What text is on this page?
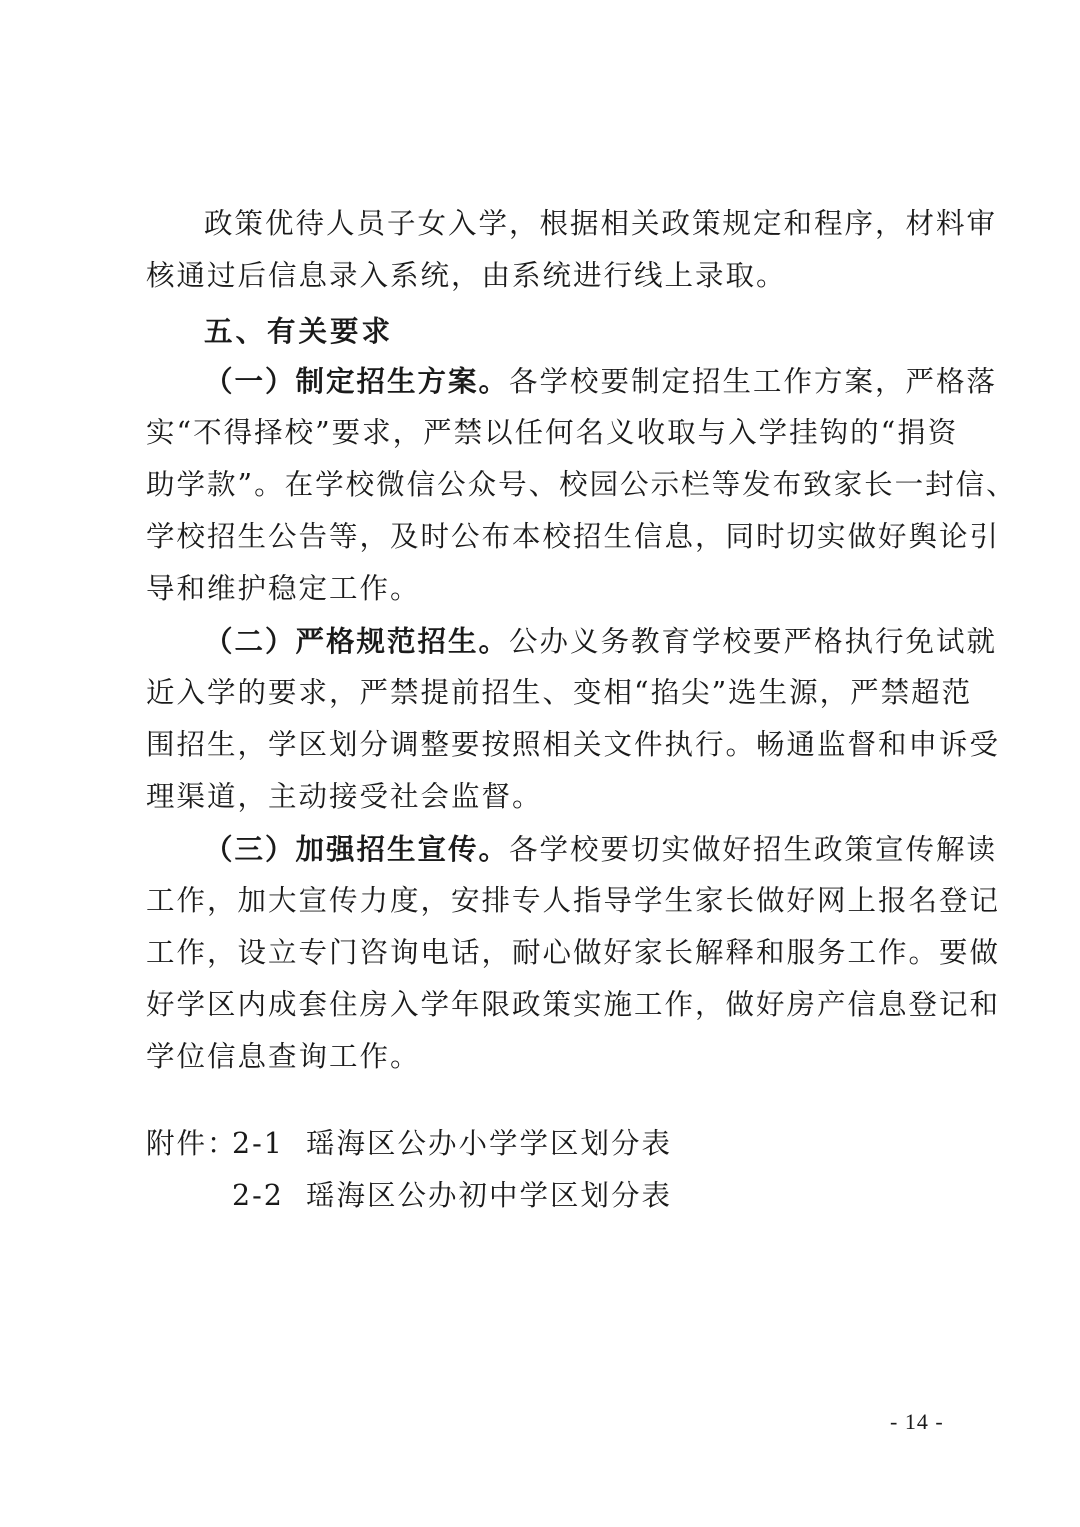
政策优待人员子女入学，根据相关政策规定和程序，材料审
核通过后信息录入系统，由系统进行线上录取。
五、有关要求
（一）制定招生方案。各学校要制定招生工作方案，严格落
实“不得择校”要求，严禁以任何名义收取与入学挂钩的“捐资
助学款”。在学校微信公众号、校园公示栏等发布致家长一封信、
学校招生公告等，及时公布本校招生信息，同时切实做好舆论引
导和维护稳定工作。
（二）严格规范招生。公办义务教育学校要严格执行免试就
近入学的要求，严禁提前招生、变相“掐尖”选生源，严禁超范
围招生，学区划分调整要按照相关文件执行。畅通监督和申诉受
理渠道，主动接受社会监督。
（三）加强招生宣传。各学校要切实做好招生政策宣传解读
工作，加大宣传力度，安排专人指导学生家长做好网上报名登记
工作，设立专门咨询电话，耐心做好家长解释和服务工作。要做
好学区内成套住房入学年限政策实施工作，做好房产信息登记和
学位信息查询工作。
附件：
2-1 瑶海区公办小学学区划分表
2-2 瑶海区公办初中学区划分表
- 14 -
